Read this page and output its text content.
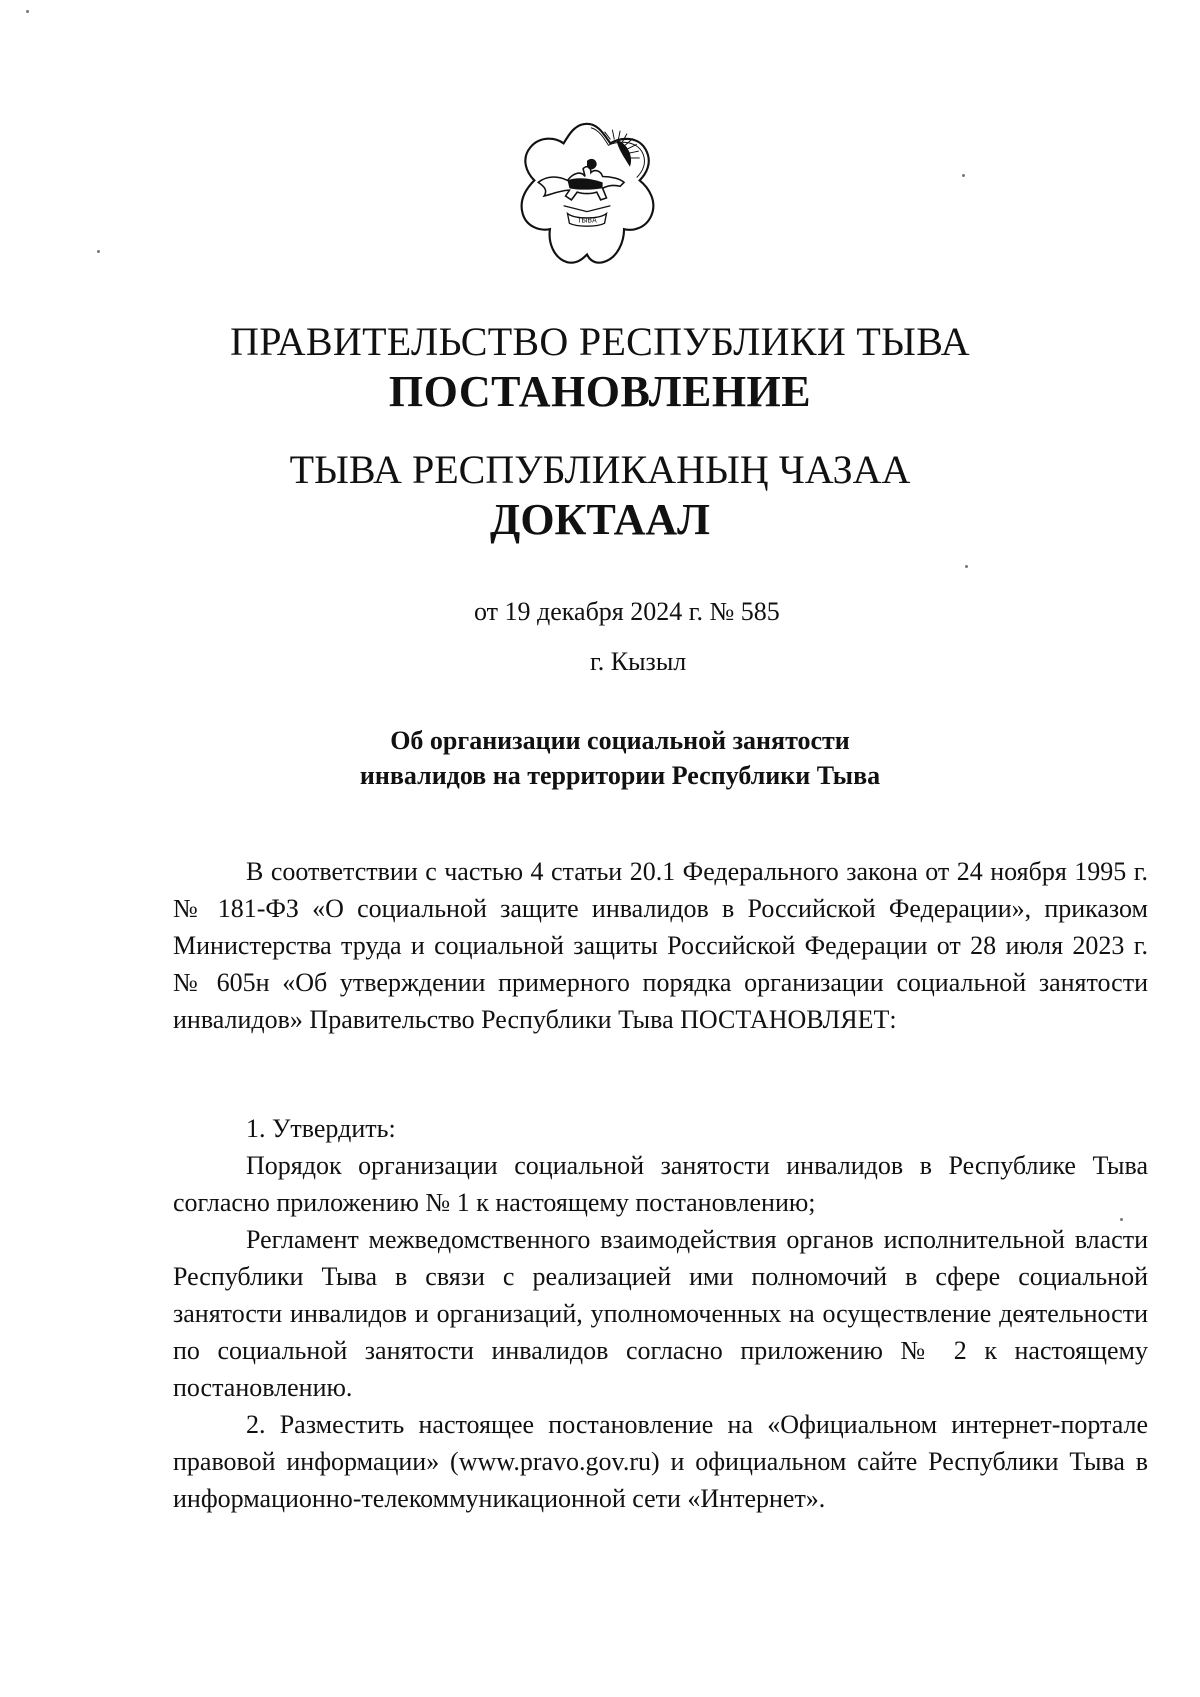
ТЫВА
ПРАВИТЕЛЬСТВО РЕСПУБЛИКИ ТЫВА
ПОСТАНОВЛЕНИЕ
ТЫВА РЕСПУБЛИКАНЫҢ ЧАЗАА
ДОКТААЛ
от 19 декабря 2024 г. № 585
г. Кызыл
Об организации социальной занятости
инвалидов на территории Республики Тыва

В соответствии с частью 4 статьи 20.1 Федерального закона от 24 ноября 1995 г. № 181-ФЗ «О социальной защите инвалидов в Российской Федерации», приказом Министерства труда и социальной защиты Российской Федерации от 28 июля 2023 г. № 605н «Об утверждении примерного порядка организации социальной занятости инвалидов» Правительство Республики Тыва ПОСТАНОВЛЯЕТ:

1. Утвердить:

Порядок организации социальной занятости инвалидов в Республике Тыва согласно приложению № 1 к настоящему постановлению;

Регламент межведомственного взаимодействия органов исполнительной власти Республики Тыва в связи с реализацией ими полномочий в сфере социальной занятости инвалидов и организаций, уполномоченных на осуществление деятельности по социальной занятости инвалидов согласно приложению № 2 к настоящему постановлению.

2. Разместить настоящее постановление на «Официальном интернет-портале правовой информации» (www.pravo.gov.ru) и официальном сайте Республики Тыва в информационно-телекоммуникационной сети «Интернет».
